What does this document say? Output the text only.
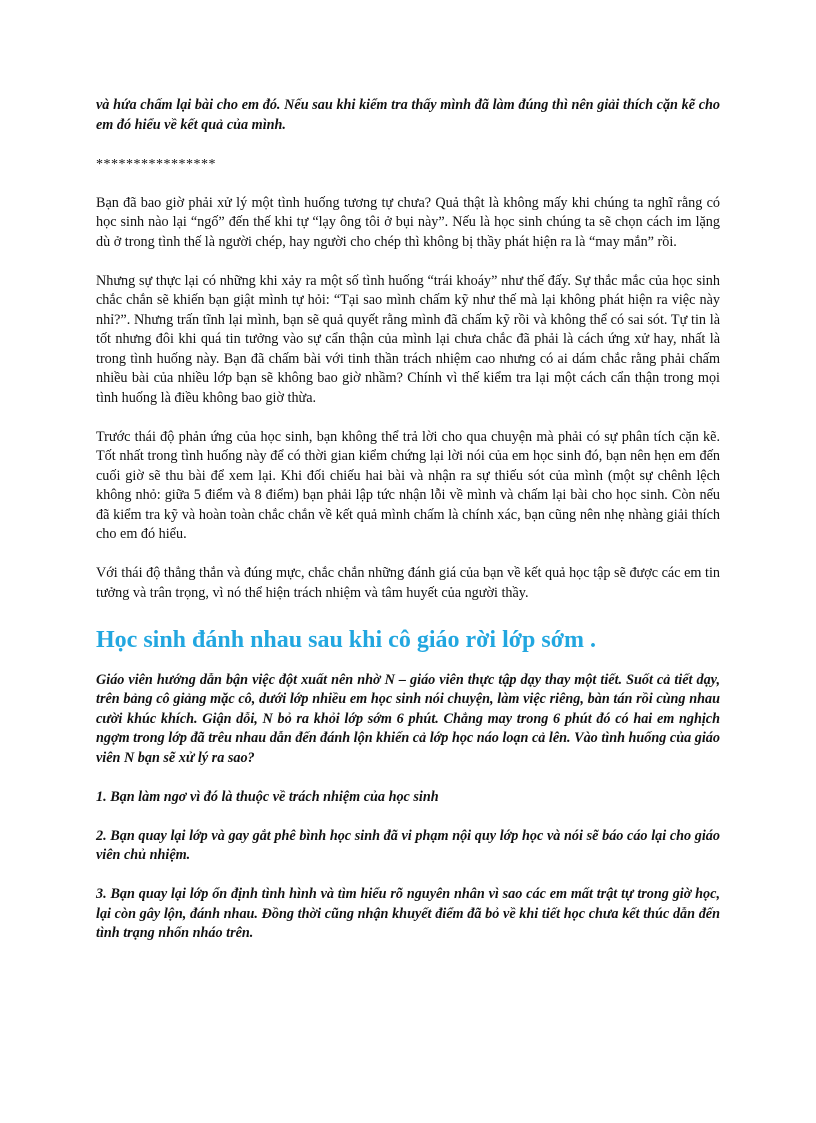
và hứa chấm lại bài cho em đó. Nếu sau khi kiểm tra thấy mình đã làm đúng thì nên giải thích cặn kẽ cho em đó hiểu về kết quả của mình.

****************

Bạn đã bao giờ phải xử lý một tình huống tương tự chưa? Quả thật là không mấy khi chúng ta nghĩ rằng có học sinh nào lại “ngố” đến thế khi tự “lạy ông tôi ở bụi này”. Nếu là học sinh chúng ta sẽ chọn cách im lặng dù ở trong tình thế là người chép, hay người cho chép thì không bị thầy phát hiện ra là “may mắn” rồi.

Nhưng sự thực lại có những khi xảy ra một số tình huống “trái khoáy” như thế đấy. Sự thắc mắc của học sinh chắc chắn sẽ khiến bạn giật mình tự hỏi: “Tại sao mình chấm kỹ như thế mà lại không phát hiện ra việc này nhỉ?”. Nhưng trấn tĩnh lại mình, bạn sẽ quả quyết rằng mình đã chấm kỹ rồi và không thể có sai sót. Tự tin là tốt nhưng đôi khi quá tin tưởng vào sự cẩn thận của mình lại chưa chắc đã phải là cách ứng xử hay, nhất là trong tình huống này. Bạn đã chấm bài với tinh thần trách nhiệm cao nhưng có ai dám chắc rằng phải chấm nhiều bài của nhiều lớp bạn sẽ không bao giờ nhầm? Chính vì thế kiểm tra lại một cách cẩn thận trong mọi tình huống là điều không bao giờ thừa.

Trước thái độ phản ứng của học sinh, bạn không thể trả lời cho qua chuyện mà phải có sự phân tích cặn kẽ. Tốt nhất trong tình huống này để có thời gian kiểm chứng lại lời nói của em học sinh đó, bạn nên hẹn em đến cuối giờ sẽ thu bài để xem lại. Khi đối chiếu hai bài và nhận ra sự thiếu sót của mình (một sự chênh lệch không nhỏ: giữa 5 điểm và 8 điểm) bạn phải lập tức nhận lỗi về mình và chấm lại bài cho học sinh. Còn nếu đã kiểm tra kỹ và hoàn toàn chắc chắn về kết quả mình chấm là chính xác, bạn cũng nên nhẹ nhàng giải thích cho em đó hiểu.

Với thái độ thẳng thắn và đúng mực, chắc chắn những đánh giá của bạn về kết quả học tập sẽ được các em tin tưởng và trân trọng, vì nó thể hiện trách nhiệm và tâm huyết của người thầy.

Học sinh đánh nhau sau khi cô giáo rời lớp sớm .

Giáo viên hướng dẫn bận việc đột xuất nên nhờ N – giáo viên thực tập dạy thay một tiết. Suốt cả tiết dạy, trên bảng cô giảng mặc cô, dưới lớp nhiều em học sinh nói chuyện, làm việc riêng, bàn tán rồi cùng nhau cười khúc khích. Giận dỗi, N bỏ ra khỏi lớp sớm 6 phút. Chẳng may trong 6 phút đó có hai em nghịch ngợm trong lớp đã trêu nhau dẫn đến đánh lộn khiến cả lớp học náo loạn cả lên. Vào tình huống của giáo viên N bạn sẽ xử lý ra sao?

1. Bạn làm ngơ vì đó là thuộc về trách nhiệm của học sinh

2. Bạn quay lại lớp và gay gắt phê bình học sinh đã vi phạm nội quy lớp học và nói sẽ báo cáo lại cho giáo viên chủ nhiệm.

3. Bạn quay lại lớp ổn định tình hình và tìm hiểu rõ nguyên nhân vì sao các em mất trật tự trong giờ học, lại còn gây lộn, đánh nhau. Đồng thời cũng nhận khuyết điểm đã bỏ về khi tiết học chưa kết thúc dẫn đến tình trạng nhốn nháo trên.
